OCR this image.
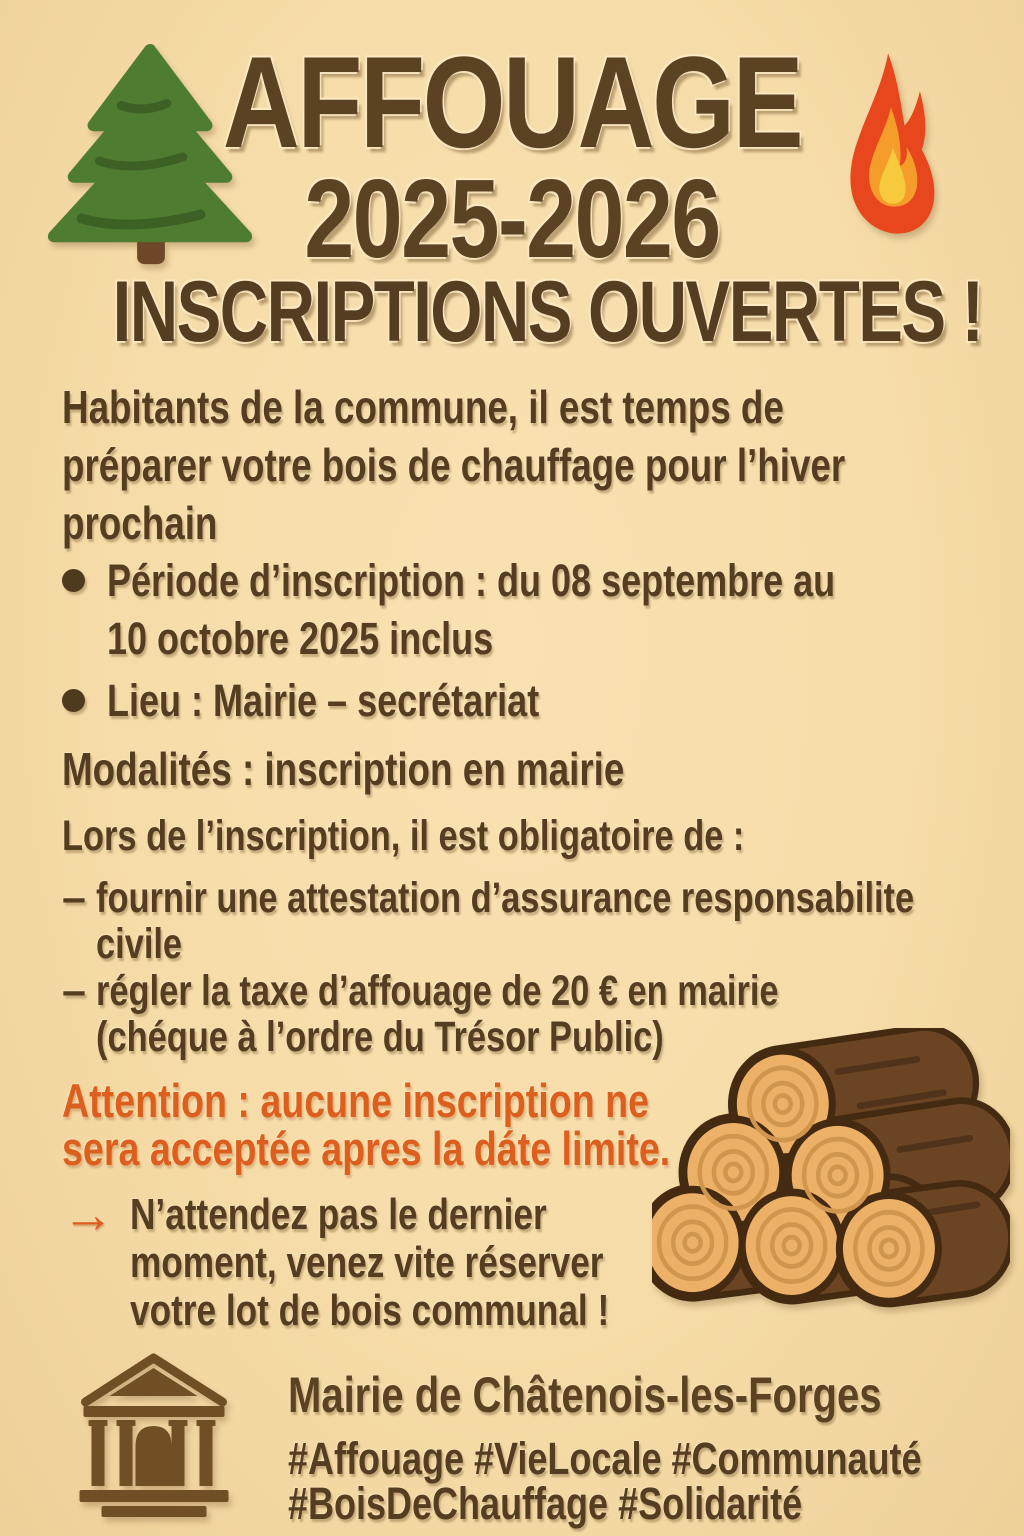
AFFOUAGE
2025-2026
INSCRIPTIONS OUVERTES !
Habitants de la commune, il est temps de
préparer votre bois de chauffage pour l’hiver
prochain
Période d’inscription : du 08 septembre au
10 octobre 2025 inclus
Lieu : Mairie – secrétariat
Modalités : inscription en mairie
Lors de l’inscription, il est obligatoire de :
– fournir une attestation d’assurance responsabilite
civile
– régler la taxe d’affouage de 20 € en mairie
(chéque à l’ordre du Trésor Public)
Attention : aucune inscription ne
sera acceptée apres la dáte limite.
→ N’attendez pas le dernier
moment, venez vite réserver
votre lot de bois communal !
Mairie de Châtenois-les-Forges
#Affouage #VieLocale #Communauté
#BoisDeChauffage #Solidarité
